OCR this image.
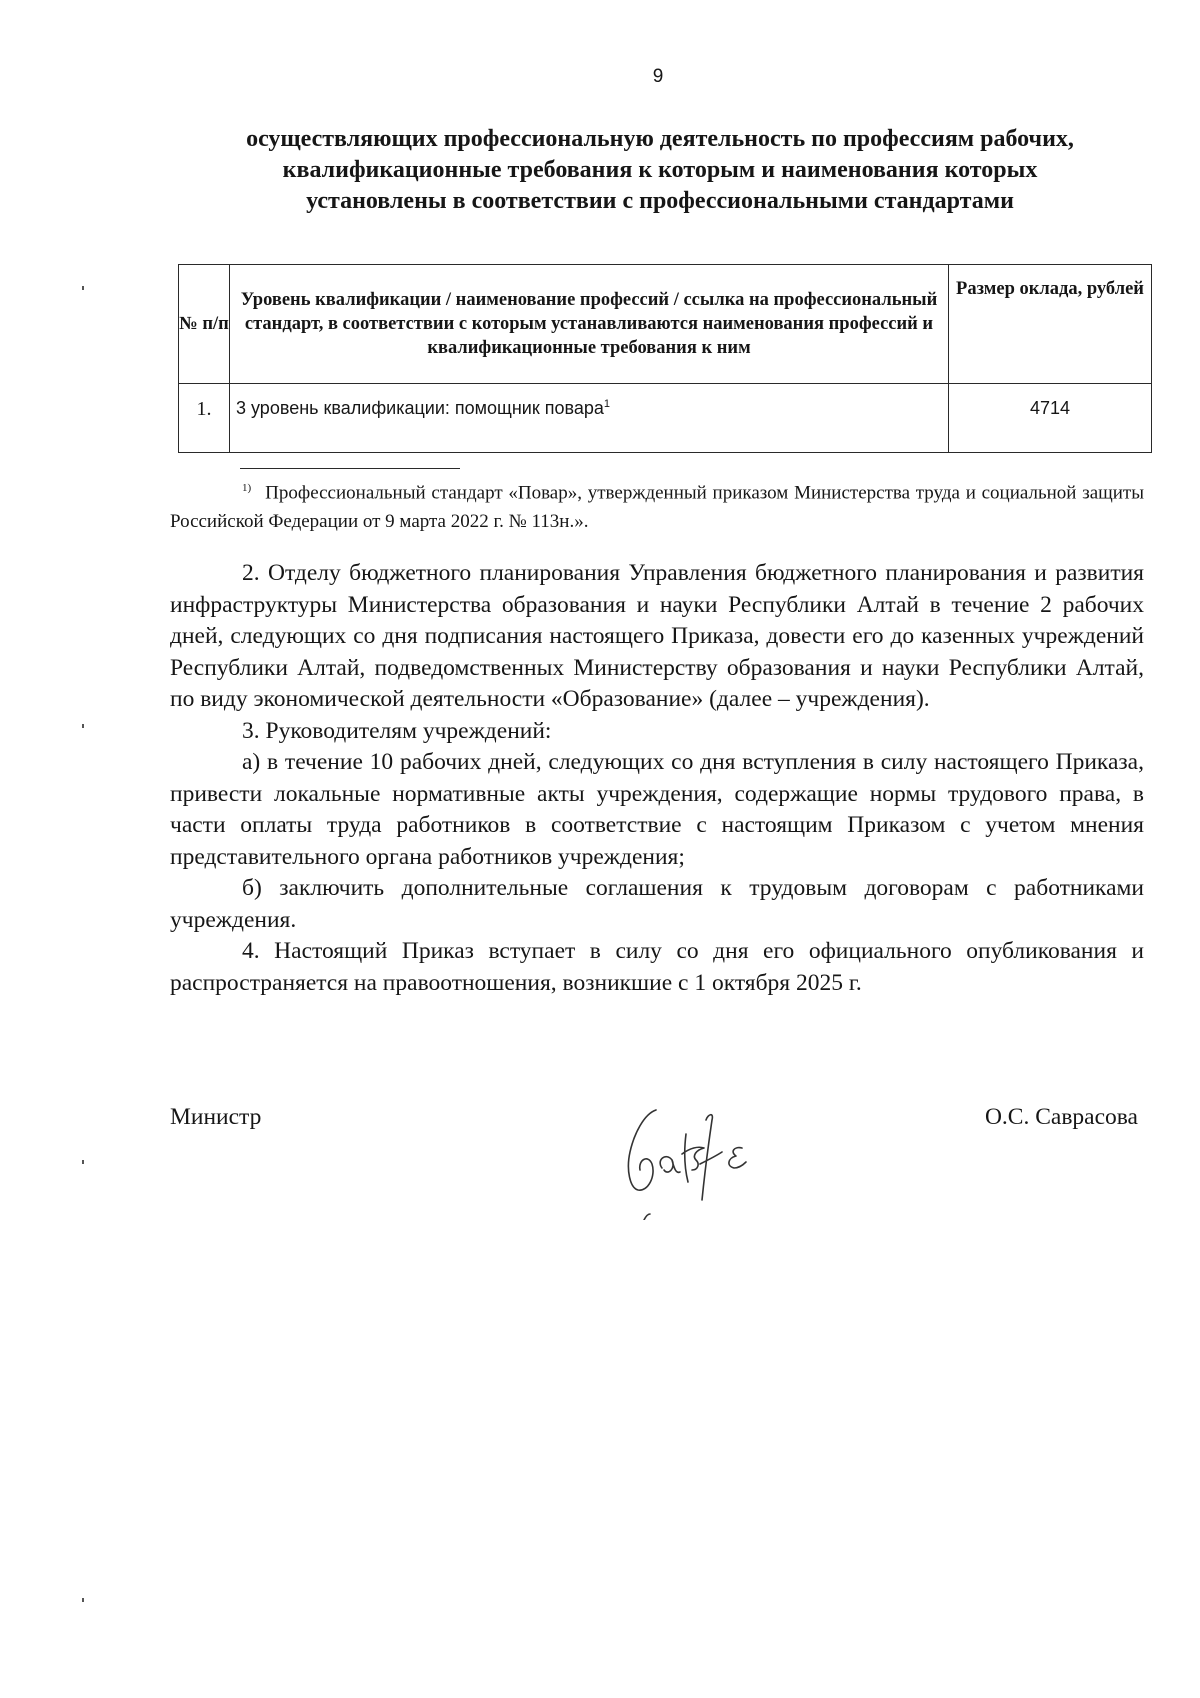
9
осуществляющих профессиональную деятельность по профессиям рабочих,
квалификационные требования к которым и наименования которых
установлены в соответствии с профессиональными стандартами
№ п/п	Уровень квалификации / наименование профессий / ссылка на профессиональный стандарт, в соответствии с которым устанавливаются наименования профессий и квалификационные требования к ним	Размер оклада, рублей
1.	3 уровень квалификации: помощник повара$^1$	4714
$^{1)}$ Профессиональный стандарт «Повар», утвержденный приказом Министерства труда и социальной защиты Российской Федерации от 9 марта 2022 г. № 113н.».

2. Отделу бюджетного планирования Управления бюджетного планирования и развития инфраструктуры Министерства образования и науки Республики Алтай в течение 2 рабочих дней, следующих со дня подписания настоящего Приказа, довести его до казенных учреждений Республики Алтай, подведомственных Министерству образования и науки Республики Алтай, по виду экономической деятельности «Образование» (далее – учреждения).

3. Руководителям учреждений:

а) в течение 10 рабочих дней, следующих со дня вступления в силу настоящего Приказа, привести локальные нормативные акты учреждения, содержащие нормы трудового права, в части оплаты труда работников в соответствие с настоящим Приказом с учетом мнения представительного органа работников учреждения;

б) заключить дополнительные соглашения к трудовым договорам с работниками учреждения.

4. Настоящий Приказ вступает в силу со дня его официального опубликования и распространяется на правоотношения, возникшие с 1 октября 2025 г.

Министр	О.С. Саврасова
